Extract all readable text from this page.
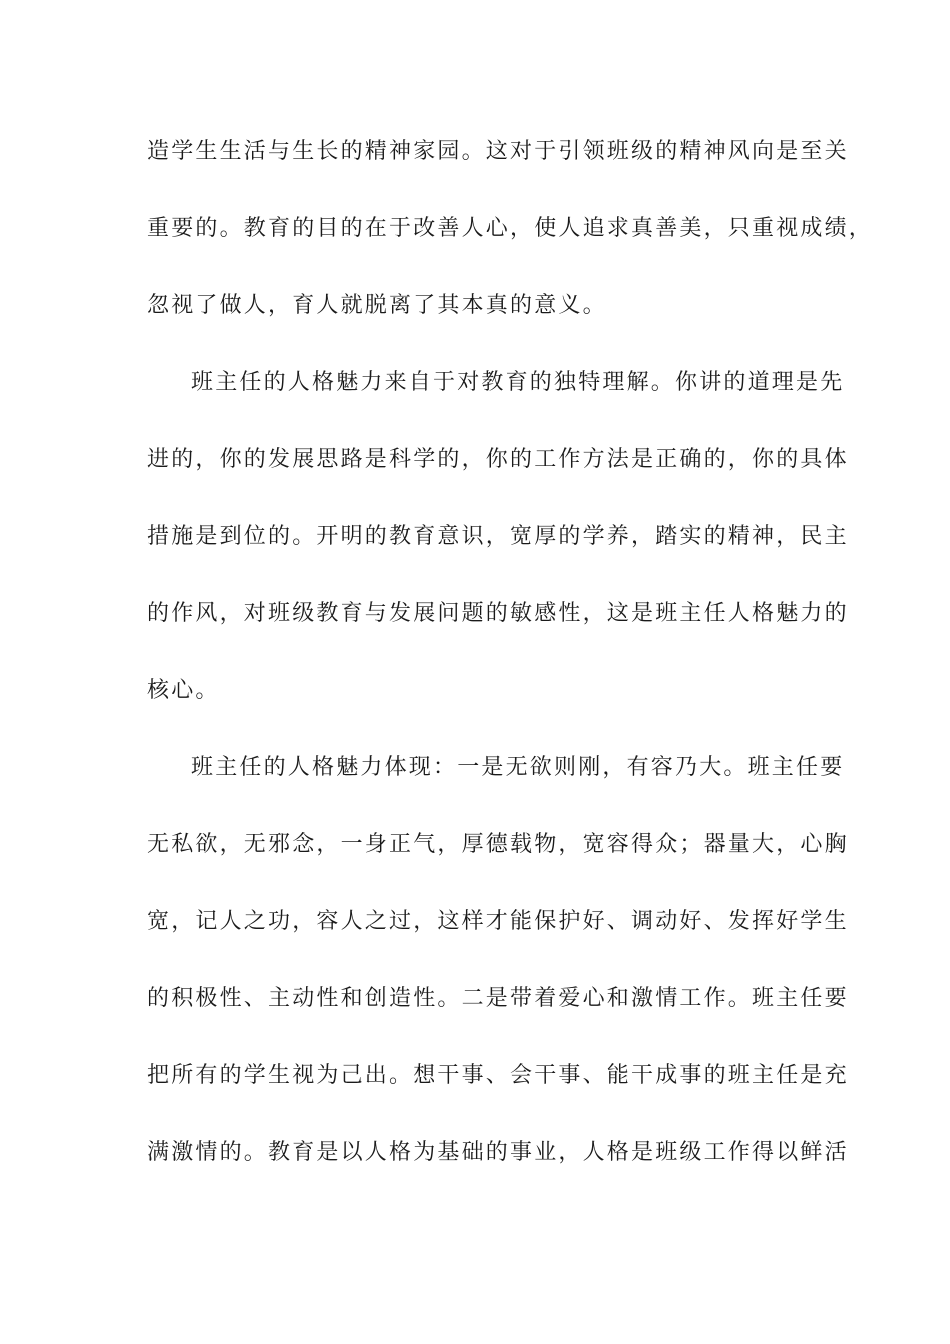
造学生生活与生长的精神家园。这对于引领班级的精神风向是至关

重要的。教育的目的在于改善人心，使人追求真善美，只重视成绩，

忽视了做人，育人就脱离了其本真的意义。

班主任的人格魅力来自于对教育的独特理解。你讲的道理是先

进的，你的发展思路是科学的，你的工作方法是正确的，你的具体

措施是到位的。开明的教育意识，宽厚的学养，踏实的精神，民主

的作风，对班级教育与发展问题的敏感性，这是班主任人格魅力的

核心。

班主任的人格魅力体现：一是无欲则刚，有容乃大。班主任要

无私欲，无邪念，一身正气，厚德载物，宽容得众；器量大，心胸

宽，记人之功，容人之过，这样才能保护好、调动好、发挥好学生

的积极性、主动性和创造性。二是带着爱心和激情工作。班主任要

把所有的学生视为己出。想干事、会干事、能干成事的班主任是充

满激情的。教育是以人格为基础的事业，人格是班级工作得以鲜活
